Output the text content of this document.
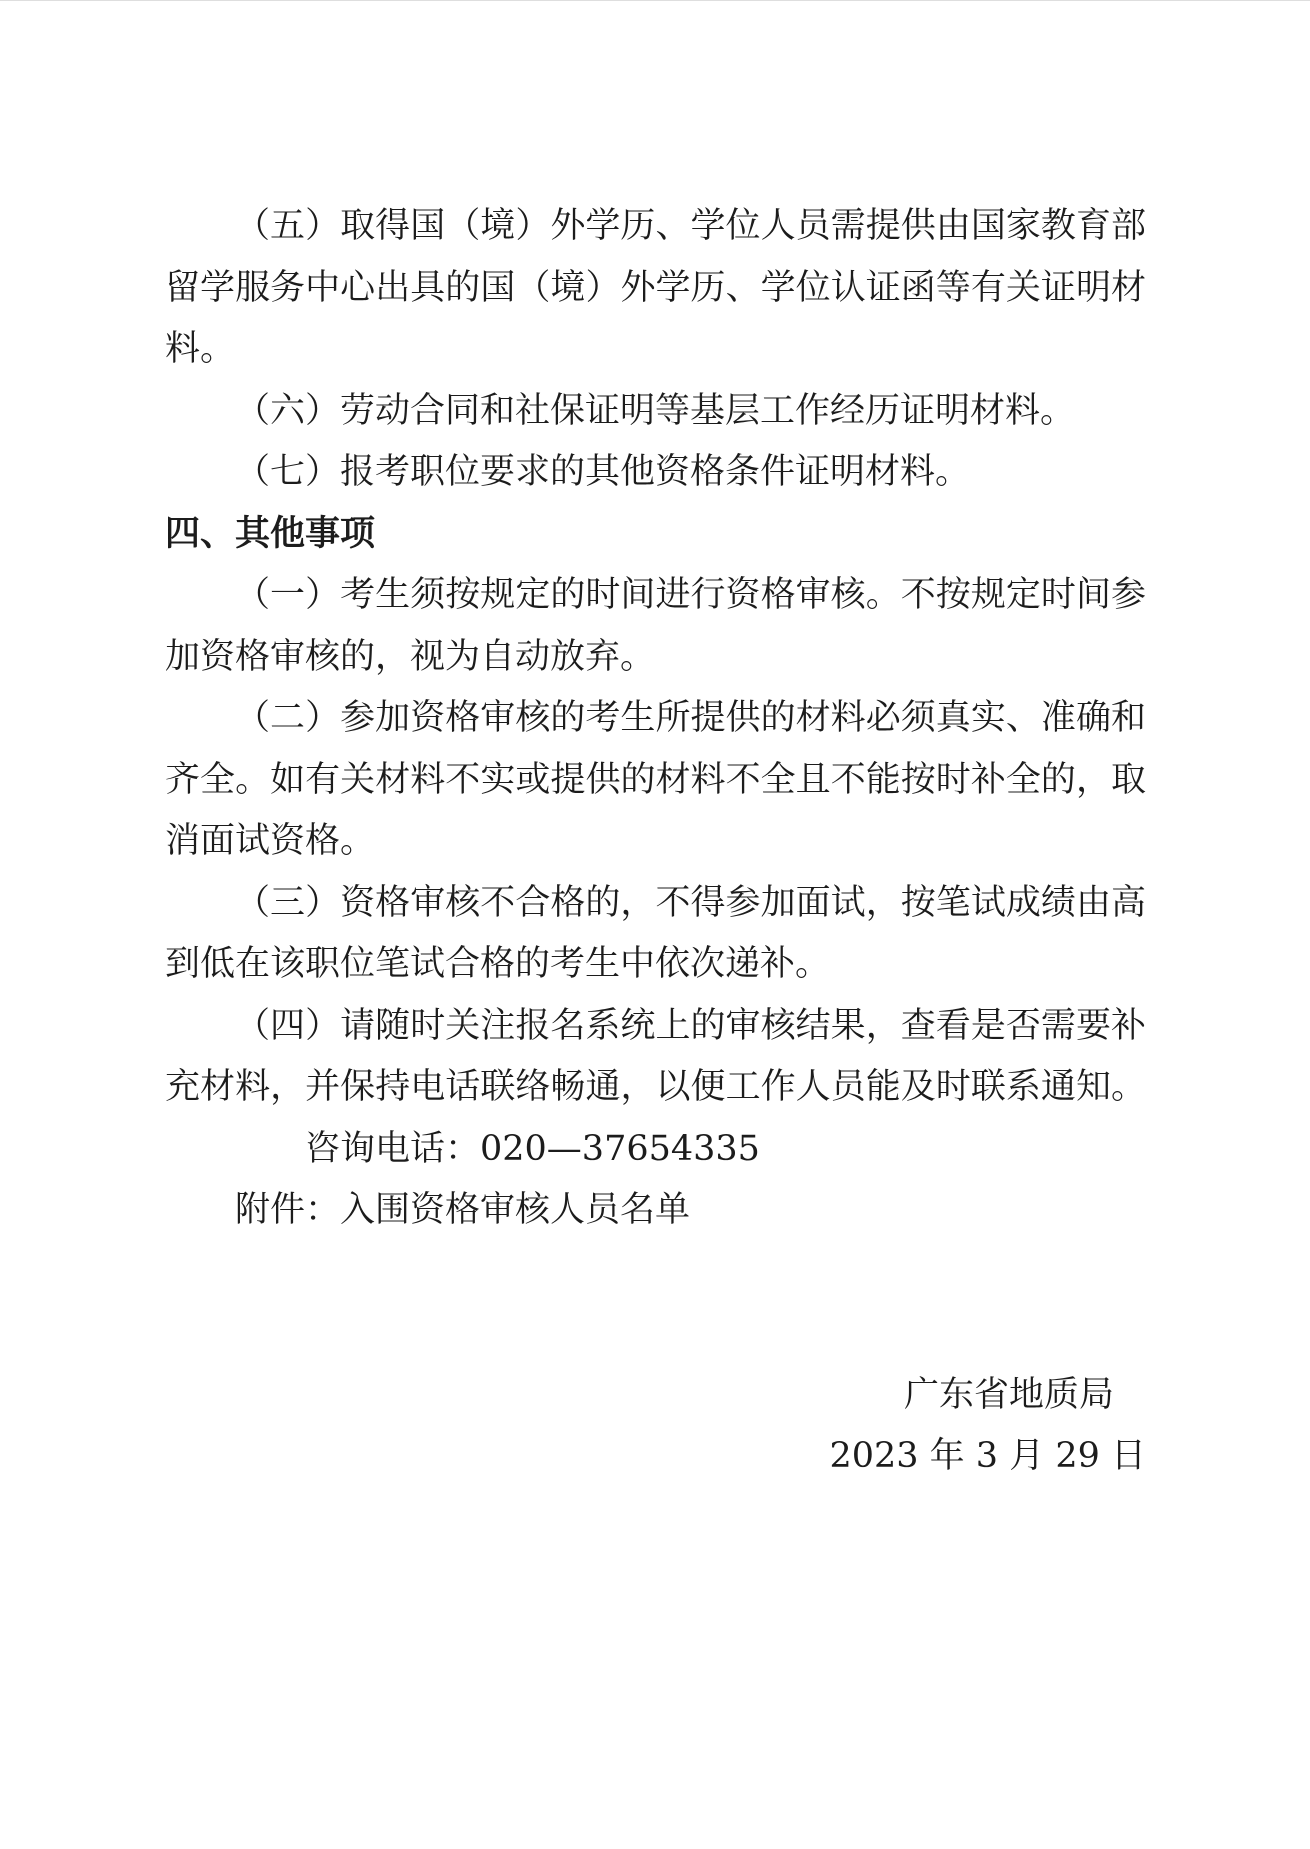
（五）取得国（境）外学历、学位人员需提供由国家教育部
留学服务中心出具的国（境）外学历、学位认证函等有关证明材
料。
（六）劳动合同和社保证明等基层工作经历证明材料。
（七）报考职位要求的其他资格条件证明材料。
四、其他事项
（一）考生须按规定的时间进行资格审核。不按规定时间参
加资格审核的，视为自动放弃。
（二）参加资格审核的考生所提供的材料必须真实、准确和
齐全。如有关材料不实或提供的材料不全且不能按时补全的，取
消面试资格。
（三）资格审核不合格的，不得参加面试，按笔试成绩由高
到低在该职位笔试合格的考生中依次递补。
（四）请随时关注报名系统上的审核结果，查看是否需要补
充材料，并保持电话联络畅通，以便工作人员能及时联系通知。
咨询电话：020—37654335
附件：入围资格审核人员名单
广东省地质局
2023 年 3 月 29 日
